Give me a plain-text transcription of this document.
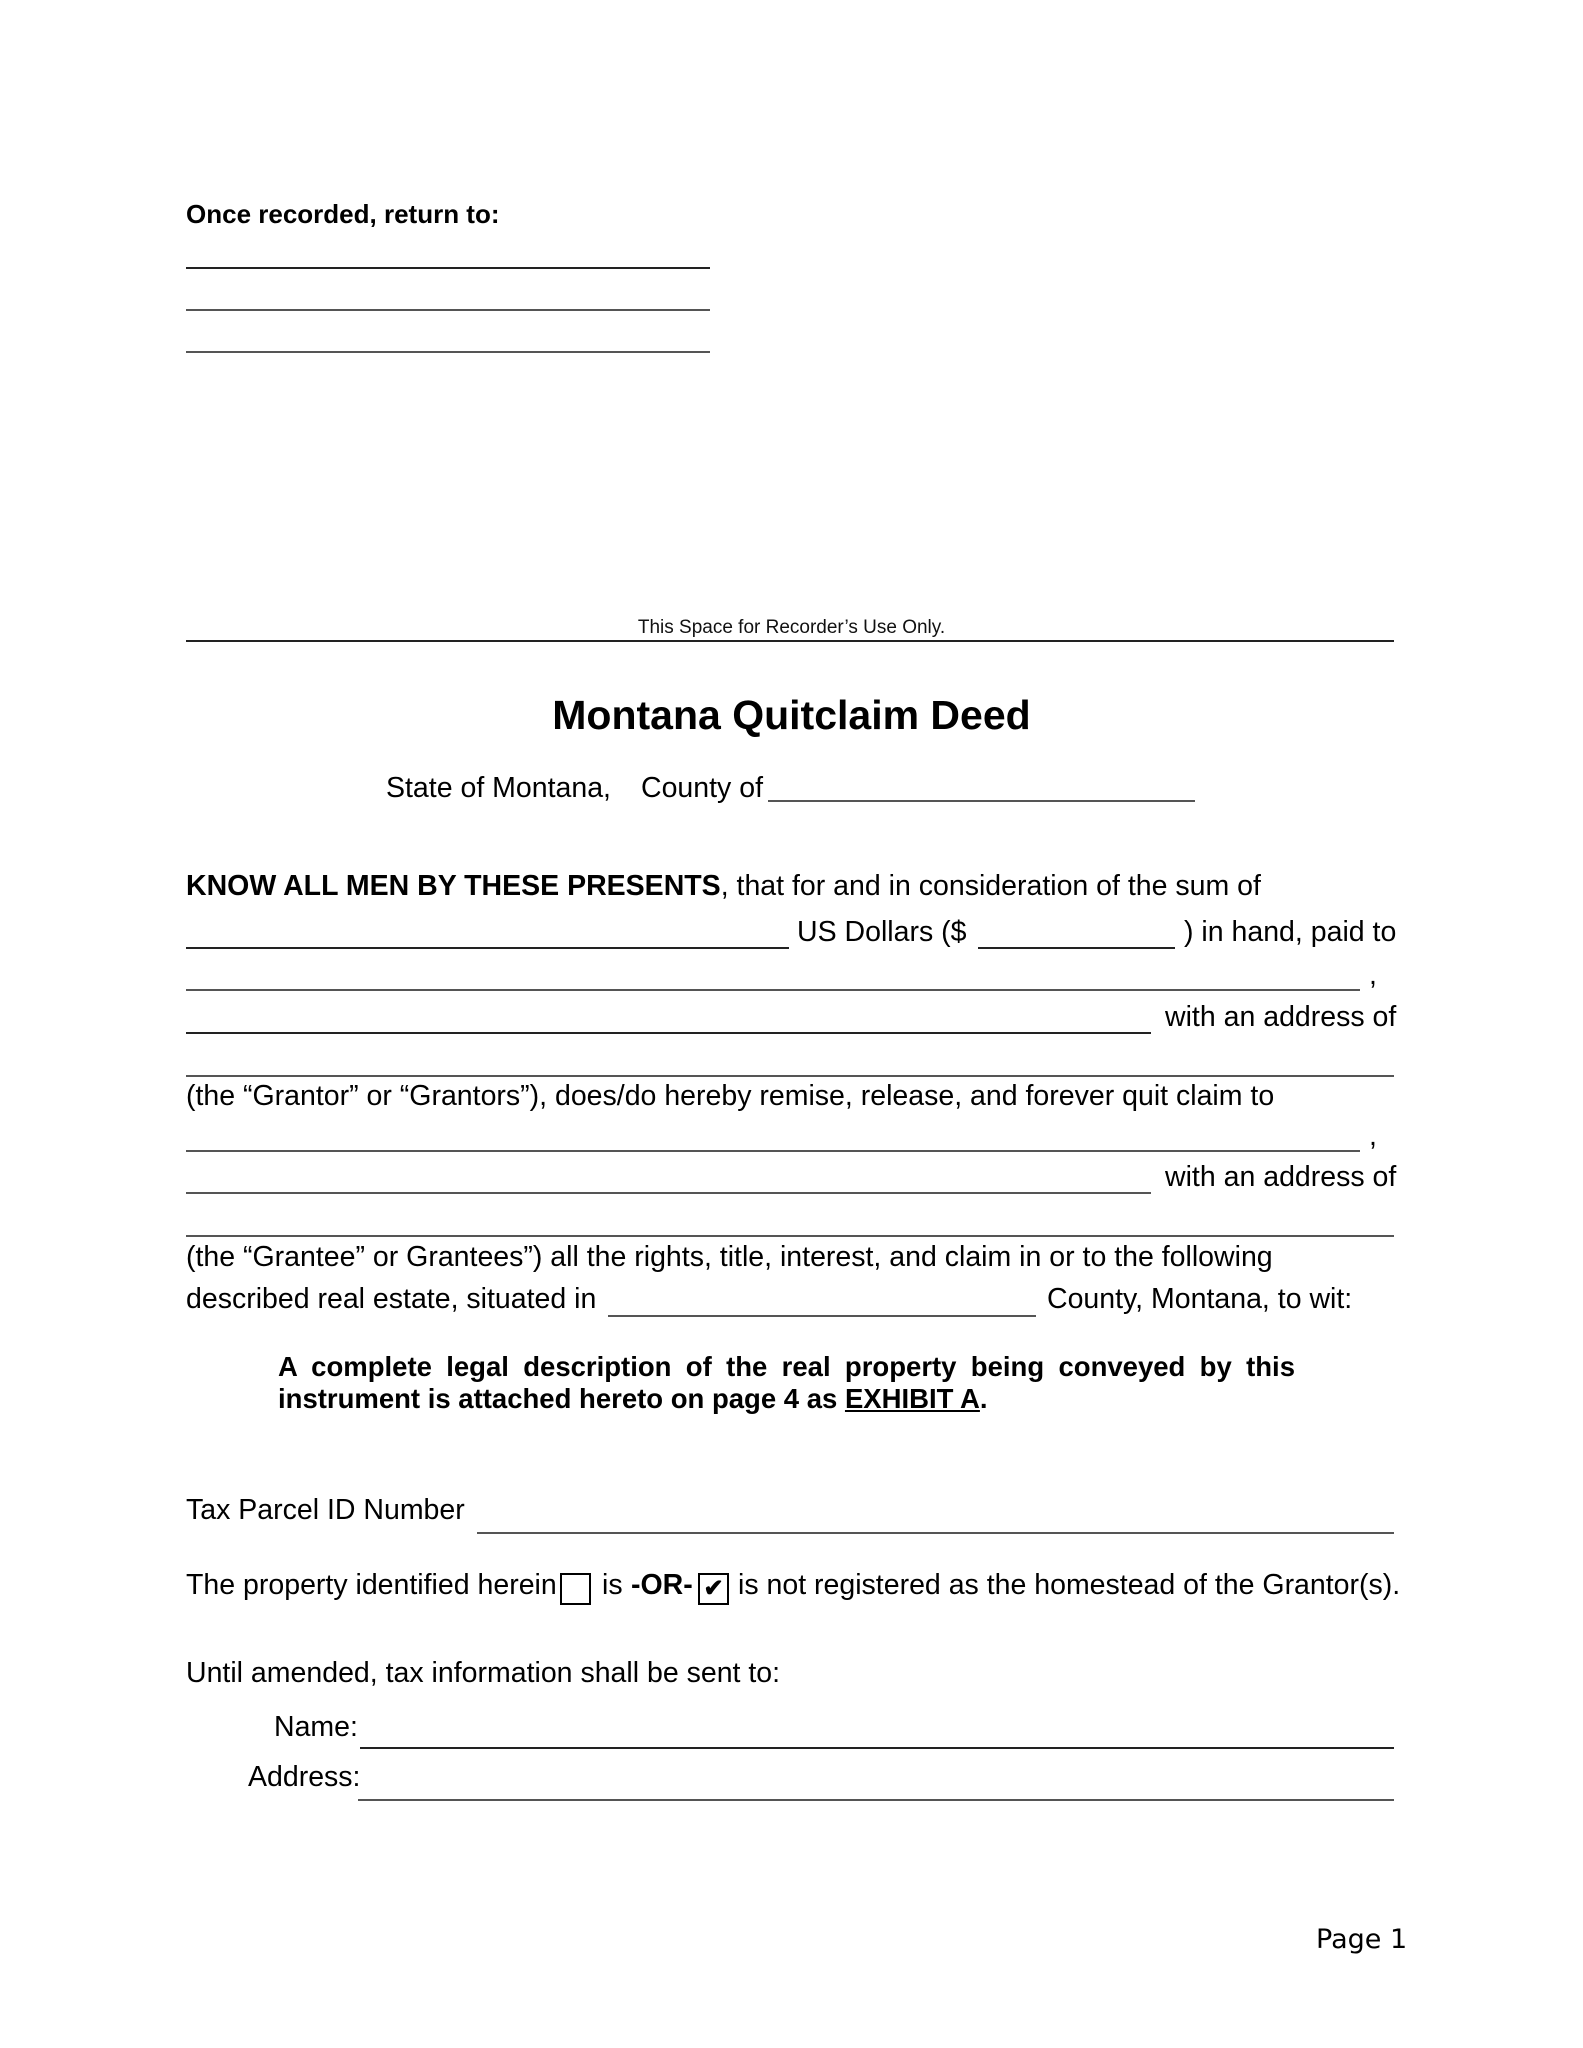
Once recorded, return to:
This Space for Recorder’s Use Only.
Montana Quitclaim Deed
State of Montana, County of
KNOW ALL MEN BY THESE PRESENTS, that for and in consideration of the sum of
US Dollars ($	) in hand, paid to
,
with an address of
(the “Grantor” or “Grantors”), does/do hereby remise, release, and forever quit claim to
,
with an address of
(the “Grantee” or Grantees”) all the rights, title, interest, and claim in or to the following
described real estate, situated in	County, Montana, to wit:
A complete legal description of the real property being conveyed by this instrument is attached hereto on page 4 as EXHIBIT A.
Tax Parcel ID Number
The property identified herein is -OR- ✔ is not registered as the homestead of the Grantor(s).
Until amended, tax information shall be sent to:
Name:
Address:
Page 1
